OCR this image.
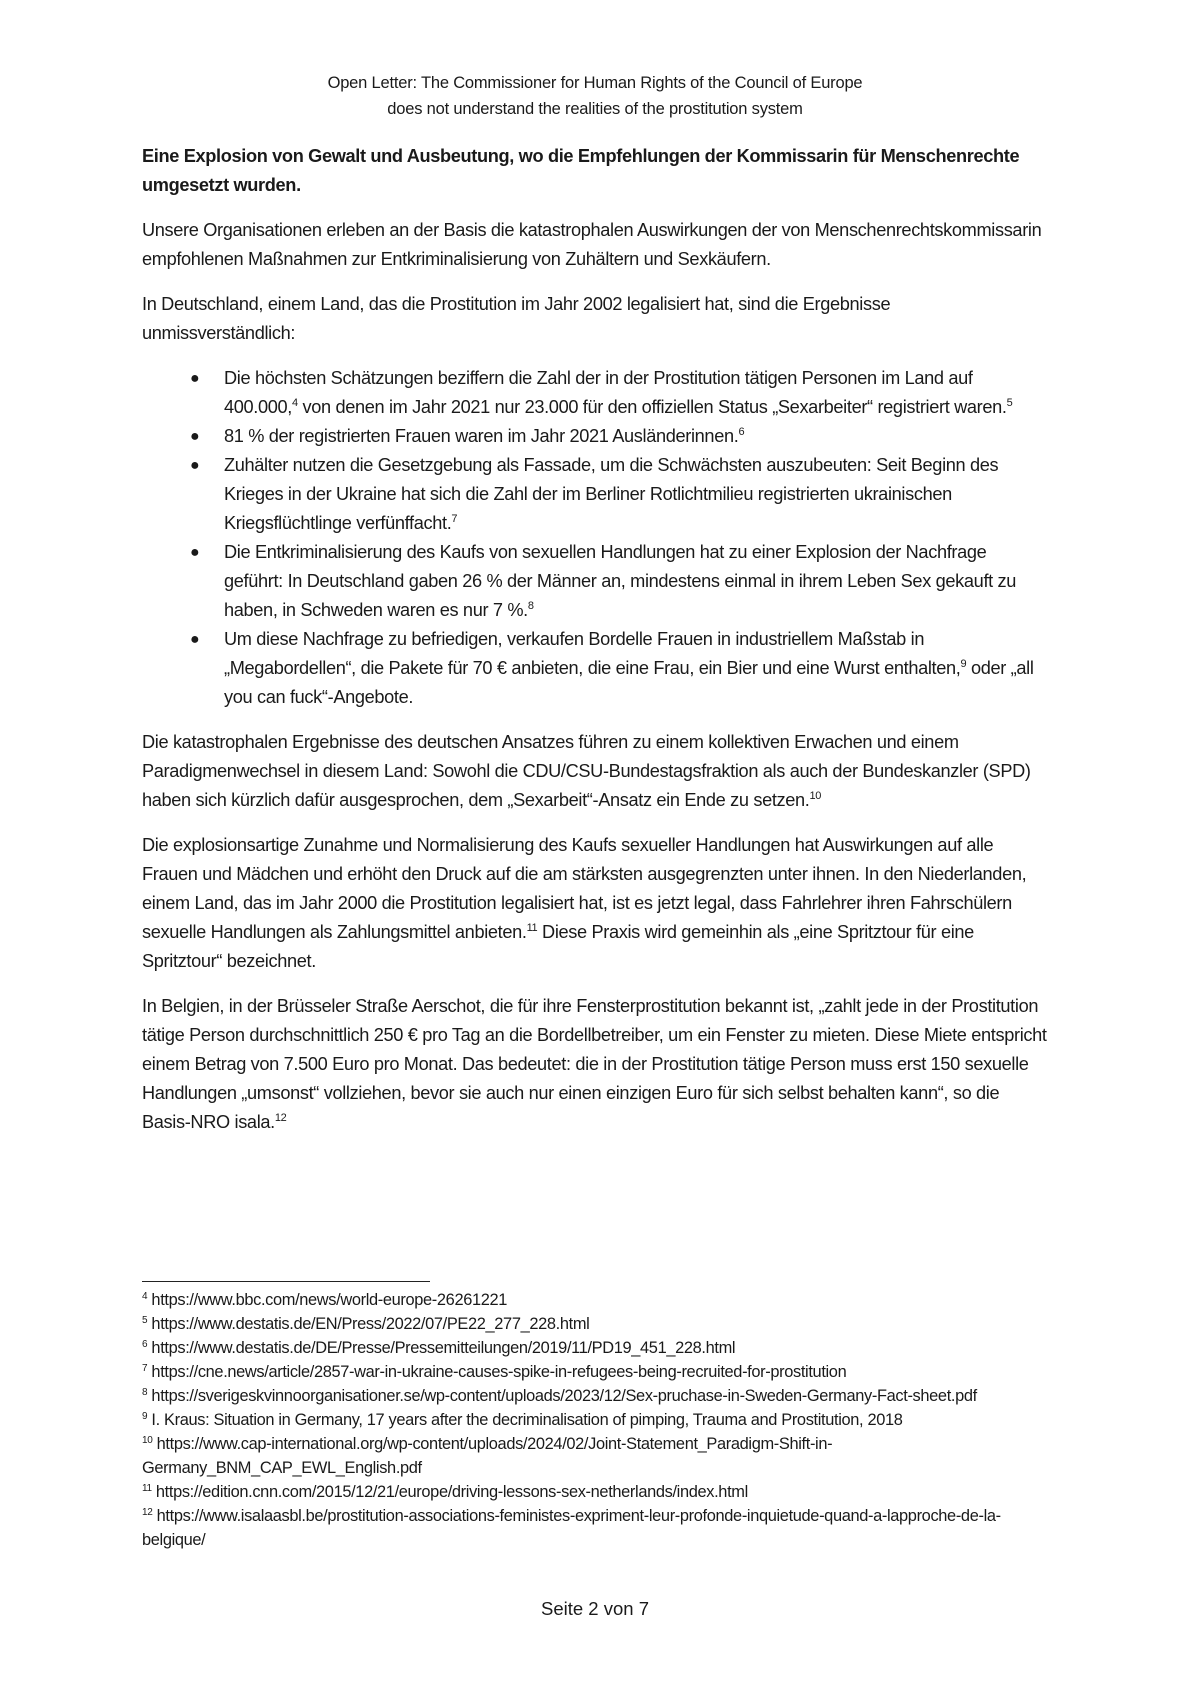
Open Letter: The Commissioner for Human Rights of the Council of Europe
does not understand the realities of the prostitution system

Eine Explosion von Gewalt und Ausbeutung, wo die Empfehlungen der Kommissarin für Menschenrechte umgesetzt wurden.

Unsere Organisationen erleben an der Basis die katastrophalen Auswirkungen der von Menschenrechtskommissarin empfohlenen Maßnahmen zur Entkriminalisierung von Zuhältern und Sexkäufern.

In Deutschland, einem Land, das die Prostitution im Jahr 2002 legalisiert hat, sind die Ergebnisse unmissverständlich:

● Die höchsten Schätzungen beziffern die Zahl der in der Prostitution tätigen Personen im Land auf 400.000,$^4$ von denen im Jahr 2021 nur 23.000 für den offiziellen Status „Sexarbeiter“ registriert waren.$^5$
● 81 % der registrierten Frauen waren im Jahr 2021 Ausländerinnen.$^6$
● Zuhälter nutzen die Gesetzgebung als Fassade, um die Schwächsten auszubeuten: Seit Beginn des Krieges in der Ukraine hat sich die Zahl der im Berliner Rotlichtmilieu registrierten ukrainischen Kriegsflüchtlinge verfünffacht.$^7$
● Die Entkriminalisierung des Kaufs von sexuellen Handlungen hat zu einer Explosion der Nachfrage geführt: In Deutschland gaben 26 % der Männer an, mindestens einmal in ihrem Leben Sex gekauft zu haben, in Schweden waren es nur 7 %.$^8$
● Um diese Nachfrage zu befriedigen, verkaufen Bordelle Frauen in industriellem Maßstab in „Megabordellen“, die Pakete für 70 € anbieten, die eine Frau, ein Bier und eine Wurst enthalten,$^9$ oder „all you can fuck“-Angebote.

Die katastrophalen Ergebnisse des deutschen Ansatzes führen zu einem kollektiven Erwachen und einem Paradigmenwechsel in diesem Land: Sowohl die CDU/CSU-Bundestagsfraktion als auch der Bundeskanzler (SPD) haben sich kürzlich dafür ausgesprochen, dem „Sexarbeit“-Ansatz ein Ende zu setzen.$^{10}$

Die explosionsartige Zunahme und Normalisierung des Kaufs sexueller Handlungen hat Auswirkungen auf alle Frauen und Mädchen und erhöht den Druck auf die am stärksten ausgegrenzten unter ihnen. In den Niederlanden, einem Land, das im Jahr 2000 die Prostitution legalisiert hat, ist es jetzt legal, dass Fahrlehrer ihren Fahrschülern sexuelle Handlungen als Zahlungsmittel anbieten.$^{11}$ Diese Praxis wird gemeinhin als „eine Spritztour für eine Spritztour“ bezeichnet.

In Belgien, in der Brüsseler Straße Aerschot, die für ihre Fensterprostitution bekannt ist, „zahlt jede in der Prostitution tätige Person durchschnittlich 250 € pro Tag an die Bordellbetreiber, um ein Fenster zu mieten. Diese Miete entspricht einem Betrag von 7.500 Euro pro Monat. Das bedeutet: die in der Prostitution tätige Person muss erst 150 sexuelle Handlungen „umsonst“ vollziehen, bevor sie auch nur einen einzigen Euro für sich selbst behalten kann“, so die Basis-NRO isala.$^{12}$

$^4$ https://www.bbc.com/news/world-europe-26261221

$^5$ https://www.destatis.de/EN/Press/2022/07/PE22_277_228.html

$^6$ https://www.destatis.de/DE/Presse/Pressemitteilungen/2019/11/PD19_451_228.html

$^7$ https://cne.news/article/2857-war-in-ukraine-causes-spike-in-refugees-being-recruited-for-prostitution

$^8$ https://sverigeskvinnoorganisationer.se/wp-content/uploads/2023/12/Sex-pruchase-in-Sweden-Germany-Fact-sheet.pdf

$^9$ I. Kraus: Situation in Germany, 17 years after the decriminalisation of pimping, Trauma and Prostitution, 2018

$^{10}$ https://www.cap-international.org/wp-content/uploads/2024/02/Joint-Statement_Paradigm-Shift-in-Germany_BNM_CAP_EWL_English.pdf

$^{11}$ https://edition.cnn.com/2015/12/21/europe/driving-lessons-sex-netherlands/index.html

$^{12}$ https://www.isalaasbl.be/prostitution-associations-feministes-expriment-leur-profonde-inquietude-quand-a-lapproche-de-la-belgique/

Seite 2 von 7
